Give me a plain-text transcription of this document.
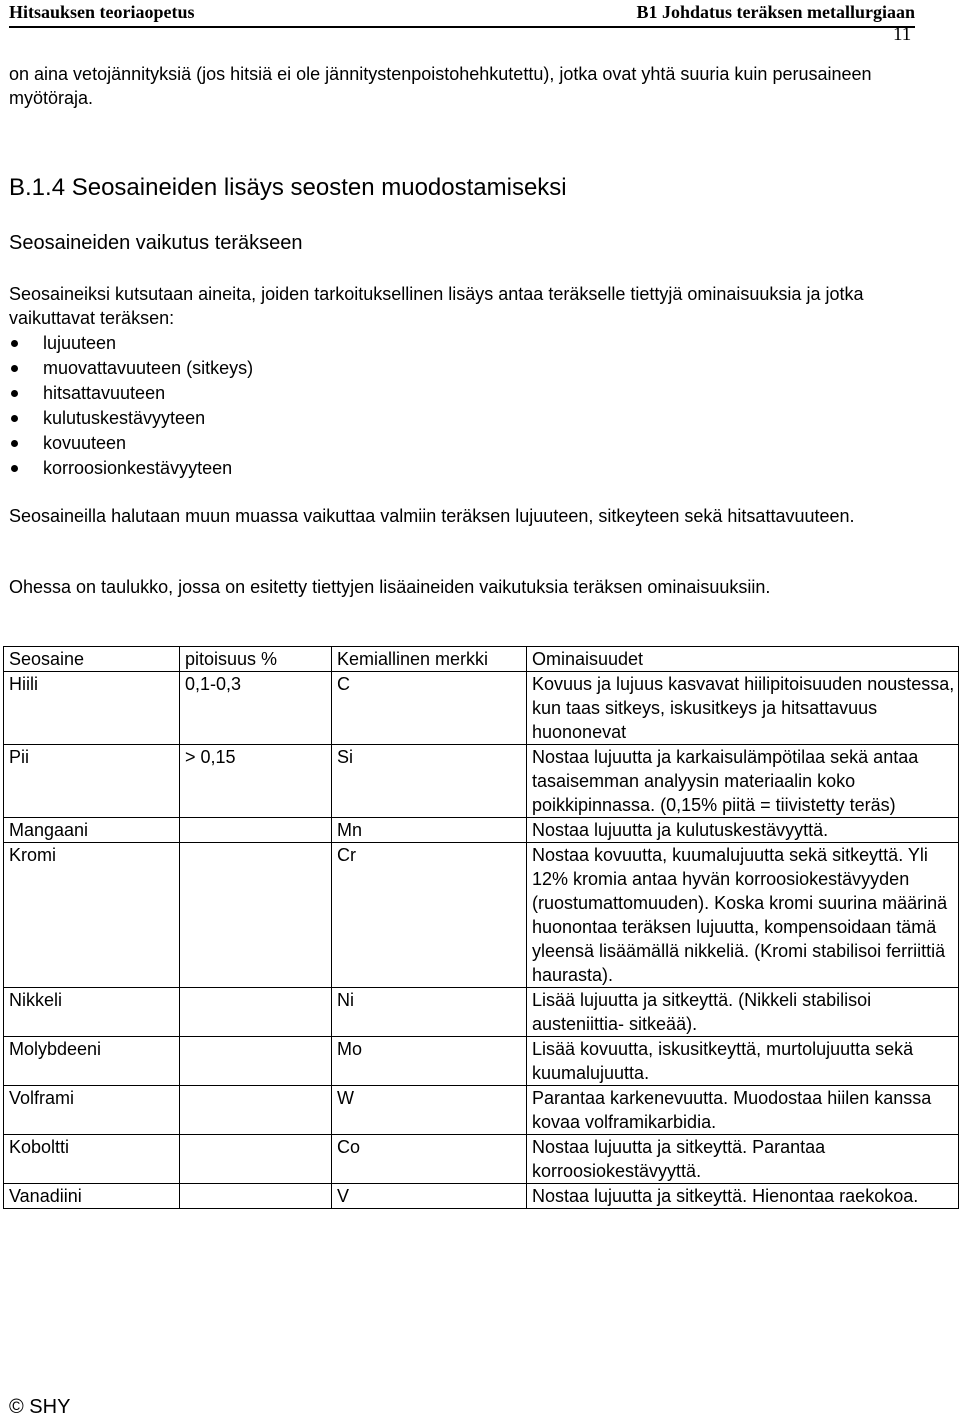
Hitsauksen teoriaopetus	B1 Johdatus teräksen metallurgiaan
11

on aina vetojännityksiä (jos hitsiä ei ole jännitystenpoistohehkutettu), jotka ovat yhtä suuria kuin perusaineen myötöraja.

B.1.4 Seosaineiden lisäys seosten muodostamiseksi
Seosaineiden vaikutus teräkseen

Seosaineiksi kutsutaan aineita, joiden tarkoituksellinen lisäys antaa teräkselle tiettyjä ominaisuuksia ja jotka vaikuttavat teräksen:

lujuuteen
muovattavuuteen (sitkeys)
hitsattavuuteen
kulutuskestävyyteen
kovuuteen
korroosionkestävyyteen

Seosaineilla halutaan muun muassa vaikuttaa valmiin teräksen lujuuteen, sitkeyteen sekä hitsattavuuteen.

Ohessa on taulukko, jossa on esitetty tiettyjen lisäaineiden vaikutuksia teräksen ominaisuuksiin.

Seosaine	pitoisuus %	Kemiallinen merkki	Ominaisuudet
Hiili	0,1-0,3	C	Kovuus ja lujuus kasvavat hiilipitoisuuden noustessa, kun taas sitkeys, iskusitkeys ja hitsattavuus huononevat
Pii	> 0,15	Si	Nostaa lujuutta ja karkaisulämpötilaa sekä antaa tasaisemman analyysin materiaalin koko poikkipinnassa. (0,15% piitä = tiivistetty teräs)
Mangaani		Mn	Nostaa lujuutta ja kulutuskestävyyttä.
Kromi		Cr	Nostaa kovuutta, kuumalujuutta sekä sitkeyttä. Yli 12% kromia antaa hyvän korroosiokestävyyden (ruostumattomuuden). Koska kromi suurina määrinä huonontaa teräksen lujuutta, kompensoidaan tämä yleensä lisäämällä nikkeliä. (Kromi stabilisoi ferriittiä haurasta).
Nikkeli		Ni	Lisää lujuutta ja sitkeyttä. (Nikkeli stabilisoi austeniittia- sitkeää).
Molybdeeni		Mo	Lisää kovuutta, iskusitkeyttä, murtolujuutta sekä kuumalujuutta.
Volframi		W	Parantaa karkenevuutta. Muodostaa hiilen kanssa kovaa volframikarbidia.
Koboltti		Co	Nostaa lujuutta ja sitkeyttä. Parantaa korroosiokestävyyttä.
Vanadiini		V	Nostaa lujuutta ja sitkeyttä. Hienontaa raekokoa.
© SHY
